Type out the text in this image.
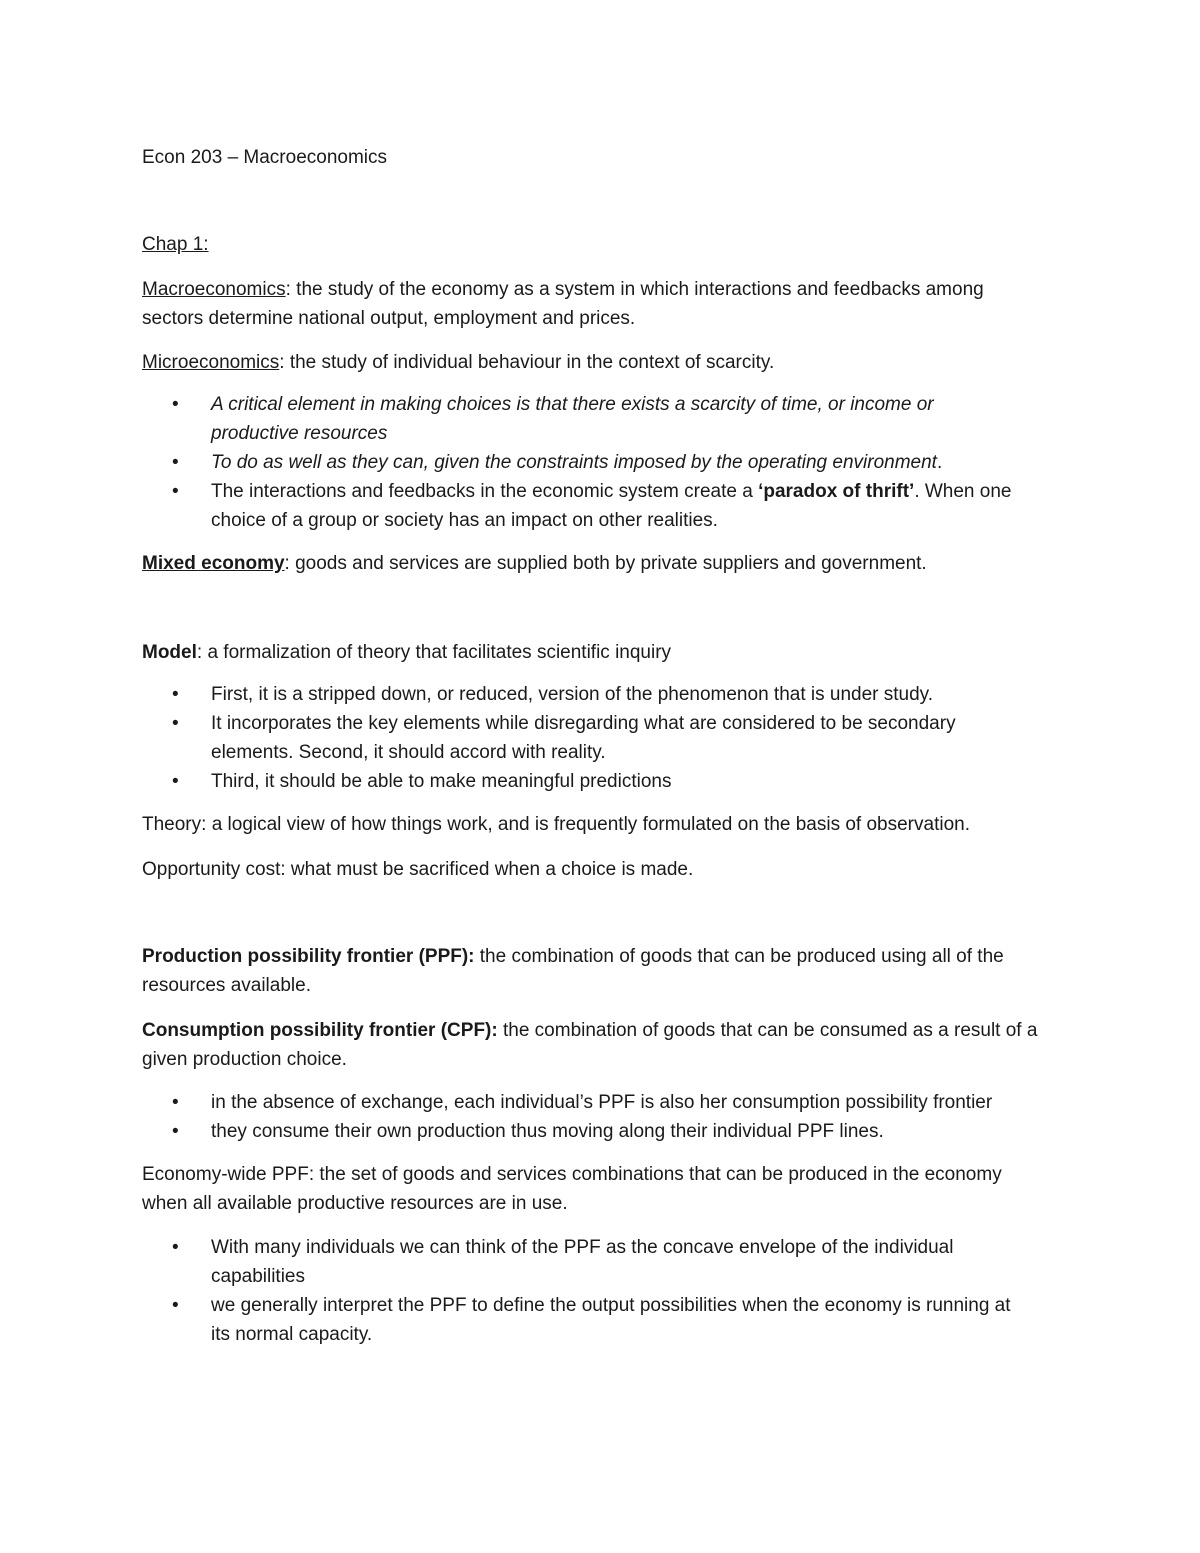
Econ 203 – Macroeconomics
Chap 1:
Macroeconomics: the study of the economy as a system in which interactions and feedbacks among
sectors determine national output, employment and prices.
Microeconomics: the study of individual behaviour in the context of scarcity.
• A critical element in making choices is that there exists a scarcity of time, or income or
productive resources
• To do as well as they can, given the constraints imposed by the operating environment.
• The interactions and feedbacks in the economic system create a ‘paradox of thrift’. When one
choice of a group or society has an impact on other realities.
Mixed economy: goods and services are supplied both by private suppliers and government.
Model: a formalization of theory that facilitates scientific inquiry
• First, it is a stripped down, or reduced, version of the phenomenon that is under study.
• It incorporates the key elements while disregarding what are considered to be secondary
elements. Second, it should accord with reality.
• Third, it should be able to make meaningful predictions
Theory: a logical view of how things work, and is frequently formulated on the basis of observation.
Opportunity cost: what must be sacrificed when a choice is made.
Production possibility frontier (PPF): the combination of goods that can be produced using all of the
resources available.
Consumption possibility frontier (CPF): the combination of goods that can be consumed as a result of a
given production choice.
• in the absence of exchange, each individual’s PPF is also her consumption possibility frontier
• they consume their own production thus moving along their individual PPF lines.
Economy-wide PPF: the set of goods and services combinations that can be produced in the economy
when all available productive resources are in use.
• With many individuals we can think of the PPF as the concave envelope of the individual
capabilities
• we generally interpret the PPF to define the output possibilities when the economy is running at
its normal capacity.
